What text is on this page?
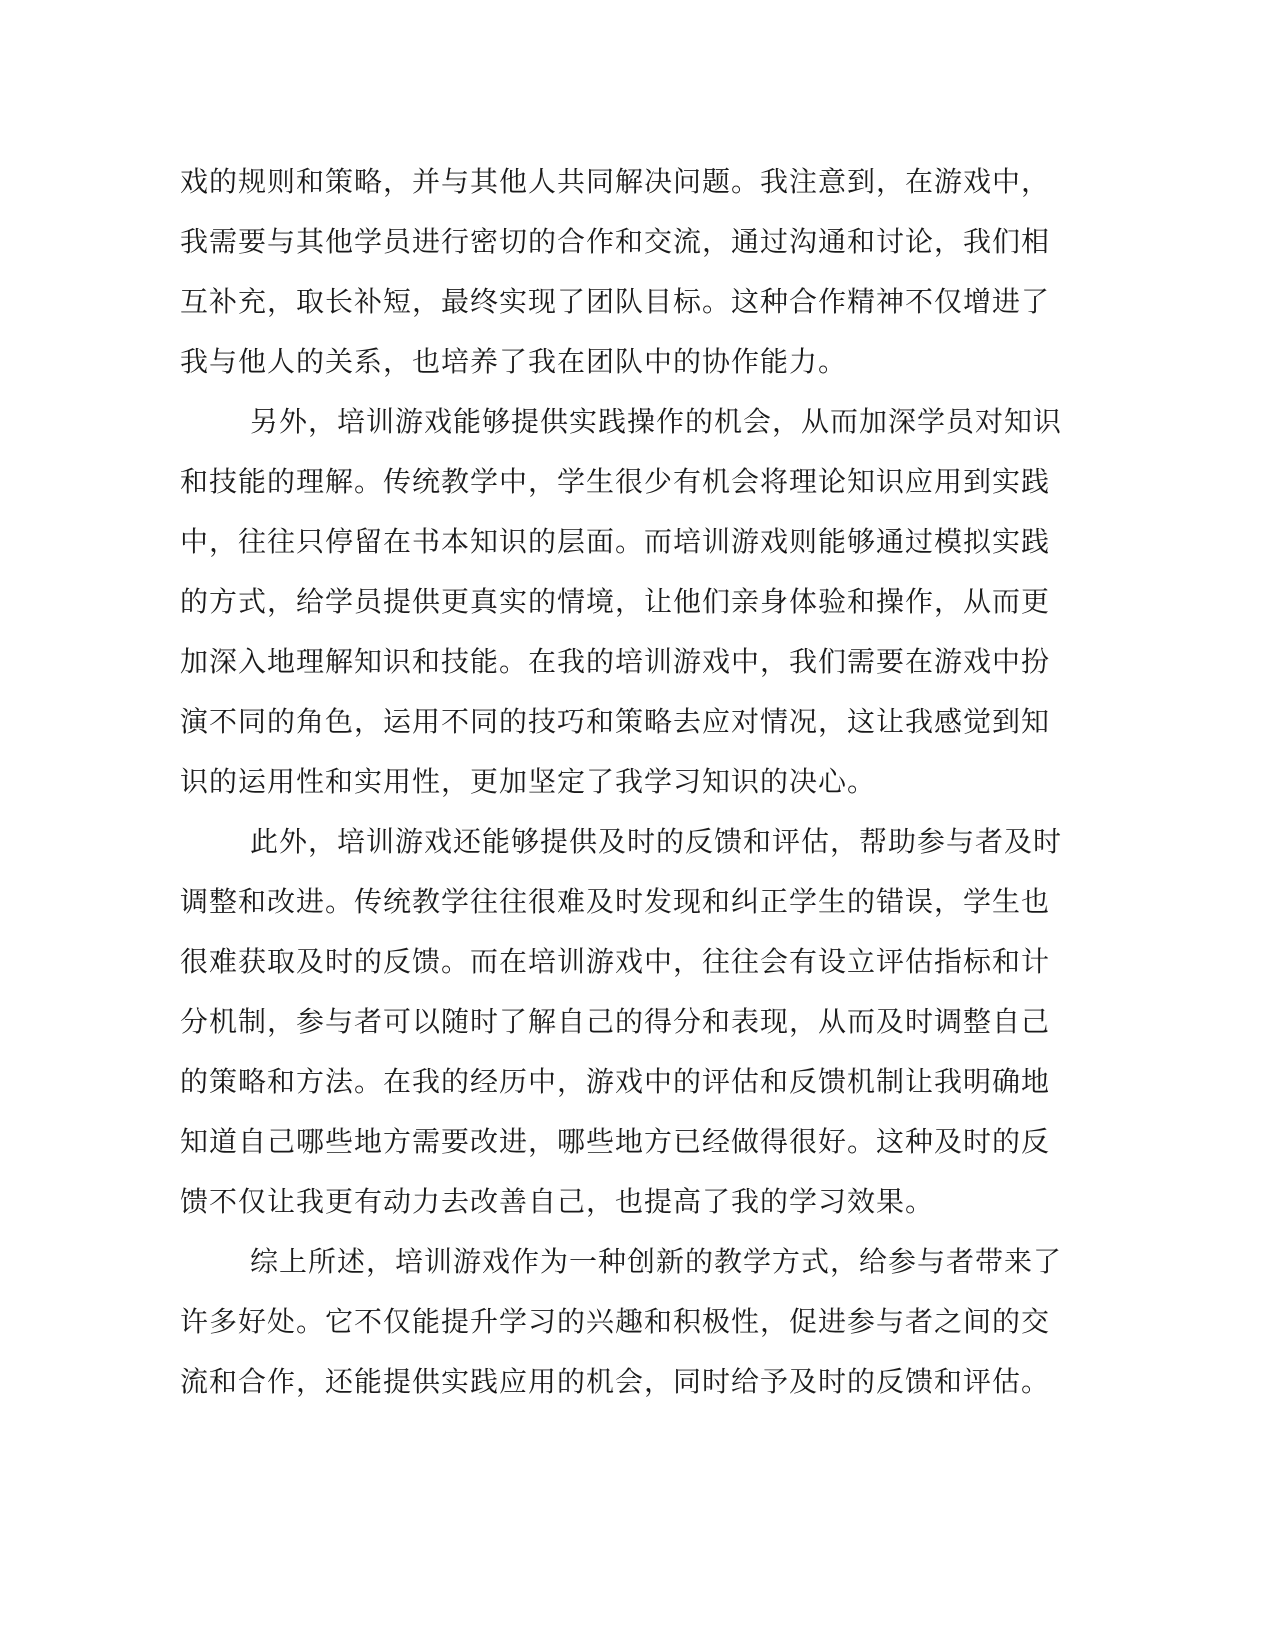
戏的规则和策略，并与其他人共同解决问题。我注意到，在游戏中，
我需要与其他学员进行密切的合作和交流，通过沟通和讨论，我们相
互补充，取长补短，最终实现了团队目标。这种合作精神不仅增进了
我与他人的关系，也培养了我在团队中的协作能力。
另外，培训游戏能够提供实践操作的机会，从而加深学员对知识
和技能的理解。传统教学中，学生很少有机会将理论知识应用到实践
中，往往只停留在书本知识的层面。而培训游戏则能够通过模拟实践
的方式，给学员提供更真实的情境，让他们亲身体验和操作，从而更
加深入地理解知识和技能。在我的培训游戏中，我们需要在游戏中扮
演不同的角色，运用不同的技巧和策略去应对情况，这让我感觉到知
识的运用性和实用性，更加坚定了我学习知识的决心。
此外，培训游戏还能够提供及时的反馈和评估，帮助参与者及时
调整和改进。传统教学往往很难及时发现和纠正学生的错误，学生也
很难获取及时的反馈。而在培训游戏中，往往会有设立评估指标和计
分机制，参与者可以随时了解自己的得分和表现，从而及时调整自己
的策略和方法。在我的经历中，游戏中的评估和反馈机制让我明确地
知道自己哪些地方需要改进，哪些地方已经做得很好。这种及时的反
馈不仅让我更有动力去改善自己，也提高了我的学习效果。
综上所述，培训游戏作为一种创新的教学方式，给参与者带来了
许多好处。它不仅能提升学习的兴趣和积极性，促进参与者之间的交
流和合作，还能提供实践应用的机会，同时给予及时的反馈和评估。
